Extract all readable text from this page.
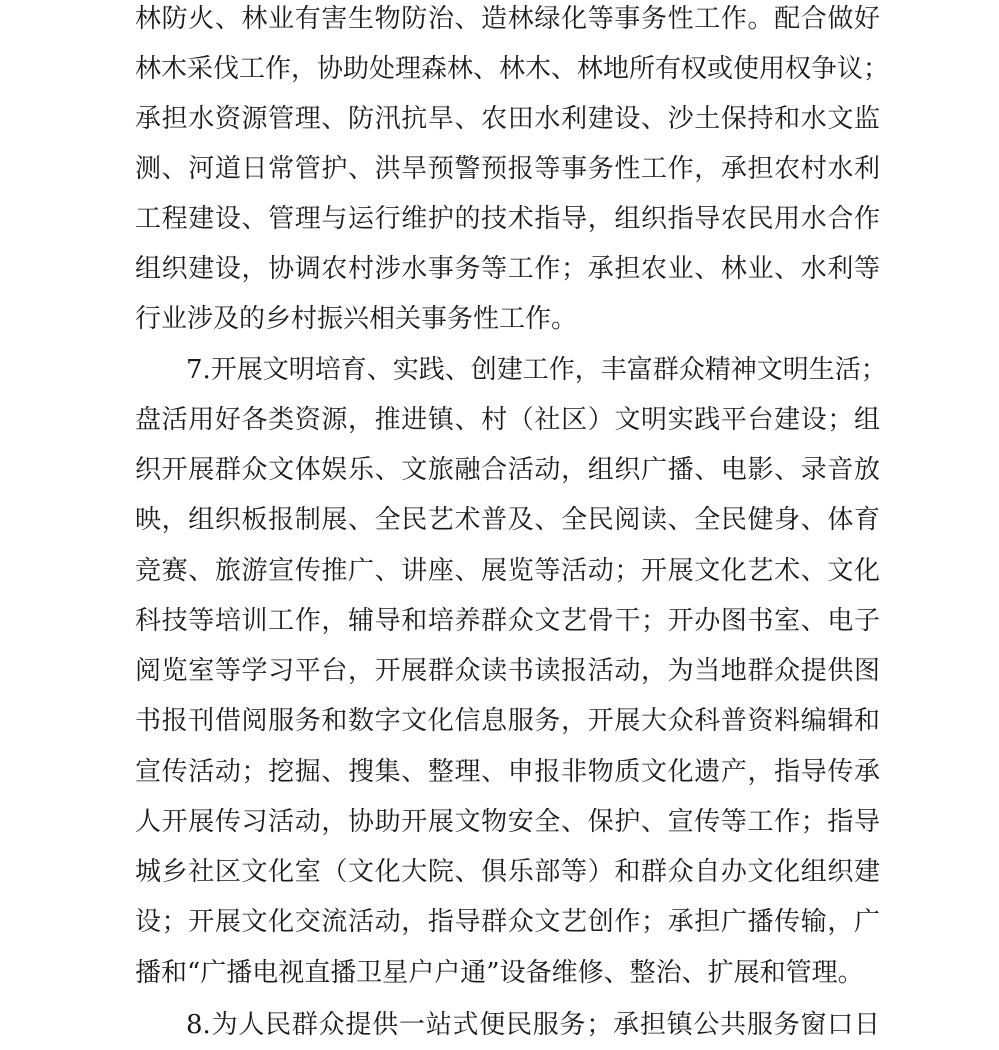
林防火、林业有害生物防治、造林绿化等事务性工作。配合做好
林木采伐工作，协助处理森林、林木、林地所有权或使用权争议；
承担水资源管理、防汛抗旱、农田水利建设、沙土保持和水文监
测、河道日常管护、洪旱预警预报等事务性工作，承担农村水利
工程建设、管理与运行维护的技术指导，组织指导农民用水合作
组织建设，协调农村涉水事务等工作；承担农业、林业、水利等
行业涉及的乡村振兴相关事务性工作。
7.开展文明培育、实践、创建工作，丰富群众精神文明生活；
盘活用好各类资源，推进镇、村（社区）文明实践平台建设；组
织开展群众文体娱乐、文旅融合活动，组织广播、电影、录音放
映，组织板报制展、全民艺术普及、全民阅读、全民健身、体育
竞赛、旅游宣传推广、讲座、展览等活动；开展文化艺术、文化
科技等培训工作，辅导和培养群众文艺骨干；开办图书室、电子
阅览室等学习平台，开展群众读书读报活动，为当地群众提供图
书报刊借阅服务和数字文化信息服务，开展大众科普资料编辑和
宣传活动；挖掘、搜集、整理、申报非物质文化遗产，指导传承
人开展传习活动，协助开展文物安全、保护、宣传等工作；指导
城乡社区文化室（文化大院、俱乐部等）和群众自办文化组织建
设；开展文化交流活动，指导群众文艺创作；承担广播传输，广
播和“广播电视直播卫星户户通”设备维修、整治、扩展和管理。
8.为人民群众提供一站式便民服务；承担镇公共服务窗口日
